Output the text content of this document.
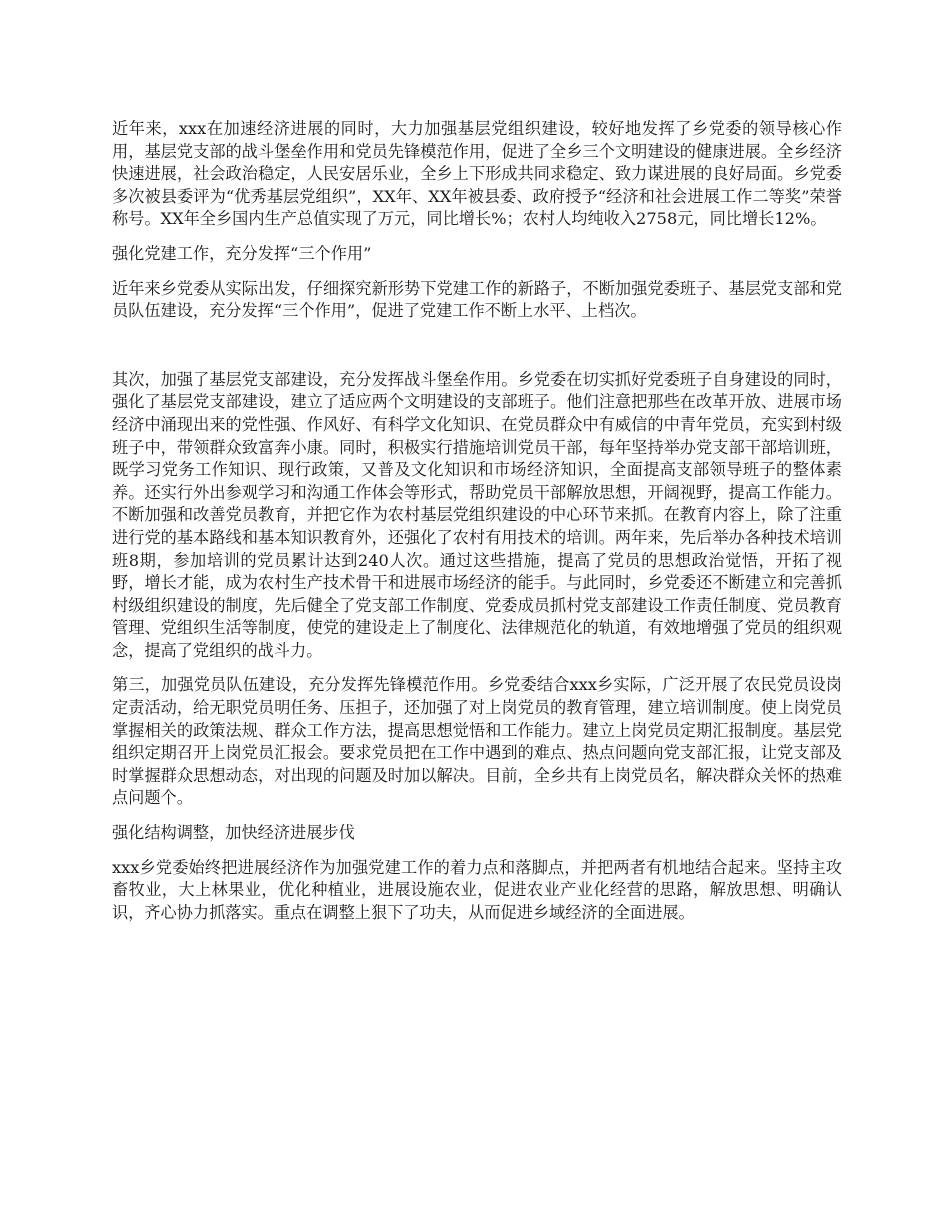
近年来，xxx在加速经济进展的同时，大力加强基层党组织建设，较好地发挥了乡党委的领导核心作用，基层党支部的战斗堡垒作用和党员先锋模范作用，促进了全乡三个文明建设的健康进展。全乡经济快速进展，社会政治稳定，人民安居乐业，全乡上下形成共同求稳定、致力谋进展的良好局面。乡党委多次被县委评为“优秀基层党组织”，XX年、XX年被县委、政府授予“经济和社会进展工作二等奖”荣誉称号。XX年全乡国内生产总值实现了万元，同比增长%；农村人均纯收入2758元，同比增长12%。

强化党建工作，充分发挥“三个作用”

近年来乡党委从实际出发，仔细探究新形势下党建工作的新路子，不断加强党委班子、基层党支部和党员队伍建设，充分发挥“三个作用”，促进了党建工作不断上水平、上档次。

其次，加强了基层党支部建设，充分发挥战斗堡垒作用。乡党委在切实抓好党委班子自身建设的同时，强化了基层党支部建设，建立了适应两个文明建设的支部班子。他们注意把那些在改革开放、进展市场经济中涌现出来的党性强、作风好、有科学文化知识、在党员群众中有威信的中青年党员，充实到村级班子中，带领群众致富奔小康。同时，积极实行措施培训党员干部，每年坚持举办党支部干部培训班，既学习党务工作知识、现行政策，又普及文化知识和市场经济知识，全面提高支部领导班子的整体素养。还实行外出参观学习和沟通工作体会等形式，帮助党员干部解放思想，开阔视野，提高工作能力。不断加强和改善党员教育，并把它作为农村基层党组织建设的中心环节来抓。在教育内容上，除了注重进行党的基本路线和基本知识教育外，还强化了农村有用技术的培训。两年来，先后举办各种技术培训班8期，参加培训的党员累计达到240人次。通过这些措施，提高了党员的思想政治觉悟，开拓了视野，增长才能，成为农村生产技术骨干和进展市场经济的能手。与此同时，乡党委还不断建立和完善抓村级组织建设的制度，先后健全了党支部工作制度、党委成员抓村党支部建设工作责任制度、党员教育管理、党组织生活等制度，使党的建设走上了制度化、法律规范化的轨道，有效地增强了党员的组织观念，提高了党组织的战斗力。

第三，加强党员队伍建设，充分发挥先锋模范作用。乡党委结合xxx乡实际，广泛开展了农民党员设岗定责活动，给无职党员明任务、压担子，还加强了对上岗党员的教育管理，建立培训制度。使上岗党员掌握相关的政策法规、群众工作方法，提高思想觉悟和工作能力。建立上岗党员定期汇报制度。基层党组织定期召开上岗党员汇报会。要求党员把在工作中遇到的难点、热点问题向党支部汇报，让党支部及时掌握群众思想动态，对出现的问题及时加以解决。目前，全乡共有上岗党员名，解决群众关怀的热难点问题个。

强化结构调整，加快经济进展步伐

xxx乡党委始终把进展经济作为加强党建工作的着力点和落脚点，并把两者有机地结合起来。坚持主攻畜牧业，大上林果业，优化种植业，进展设施农业，促进农业产业化经营的思路，解放思想、明确认识，齐心协力抓落实。重点在调整上狠下了功夫，从而促进乡域经济的全面进展。
